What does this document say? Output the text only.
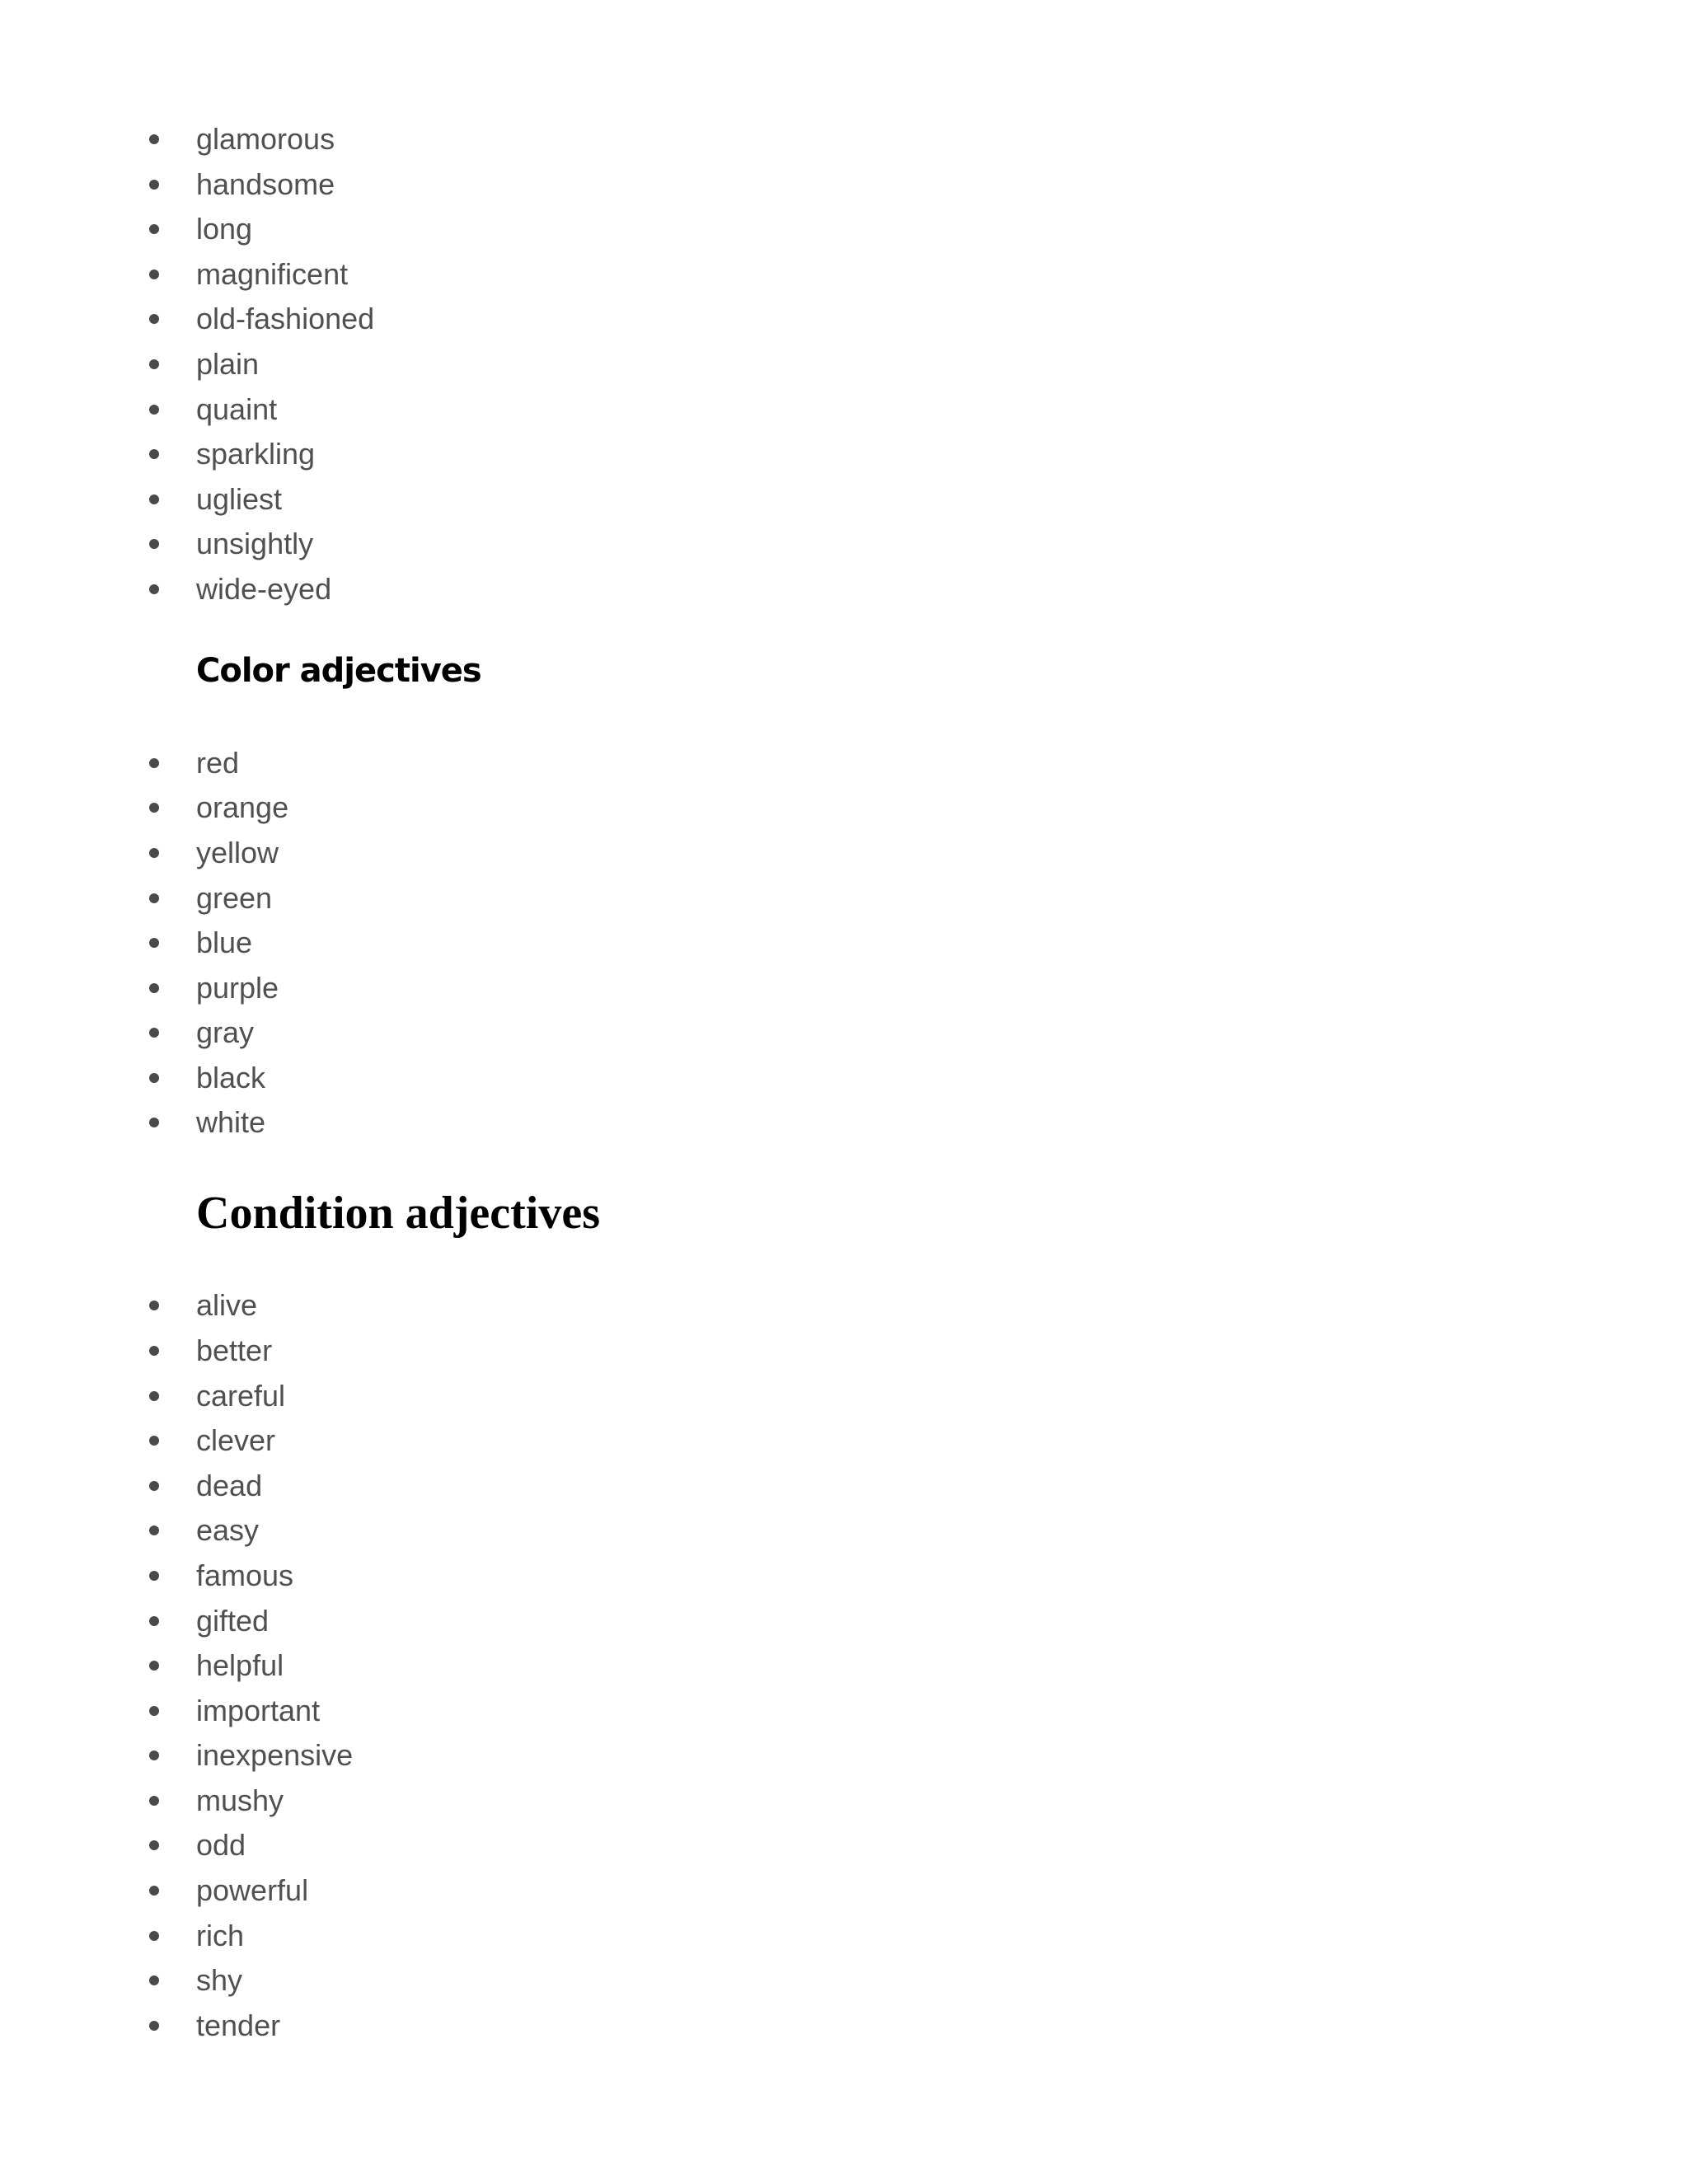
glamorous
handsome
long
magnificent
old-fashioned
plain
quaint
sparkling
ugliest
unsightly
wide-eyed
Color adjectives
red
orange
yellow
green
blue
purple
gray
black
white
Condition adjectives
alive
better
careful
clever
dead
easy
famous
gifted
helpful
important
inexpensive
mushy
odd
powerful
rich
shy
tender
